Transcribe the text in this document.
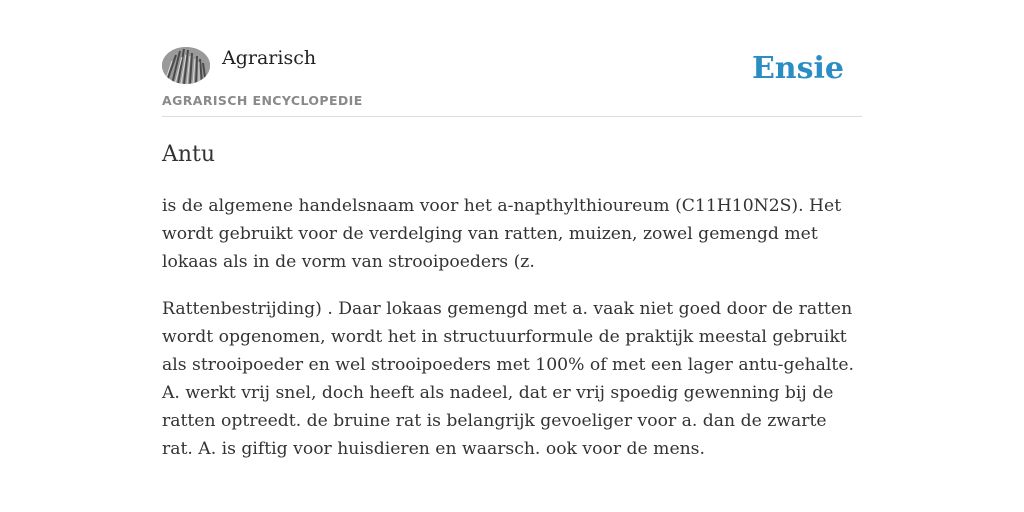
Agrarisch
AGRARISCH ENCYCLOPEDIE
Ensie
Antu

is de algemene handelsnaam voor het a-napthylthioureum (C11H10N2S). Het wordt gebruikt voor de verdelging van ratten, muizen, zowel gemengd met lokaas als in de vorm van strooipoeders (z.

Rattenbestrijding) . Daar lokaas gemengd met a. vaak niet goed door de ratten wordt opgenomen, wordt het in structuurformule de praktijk meestal gebruikt als strooipoeder en wel strooipoeders met 100% of met een lager antu-gehalte. A. werkt vrij snel, doch heeft als nadeel, dat er vrij spoedig gewenning bij de ratten optreedt. de bruine rat is belangrijk gevoeliger voor a. dan de zwarte rat. A. is giftig voor huisdieren en waarsch. ook voor de mens.
